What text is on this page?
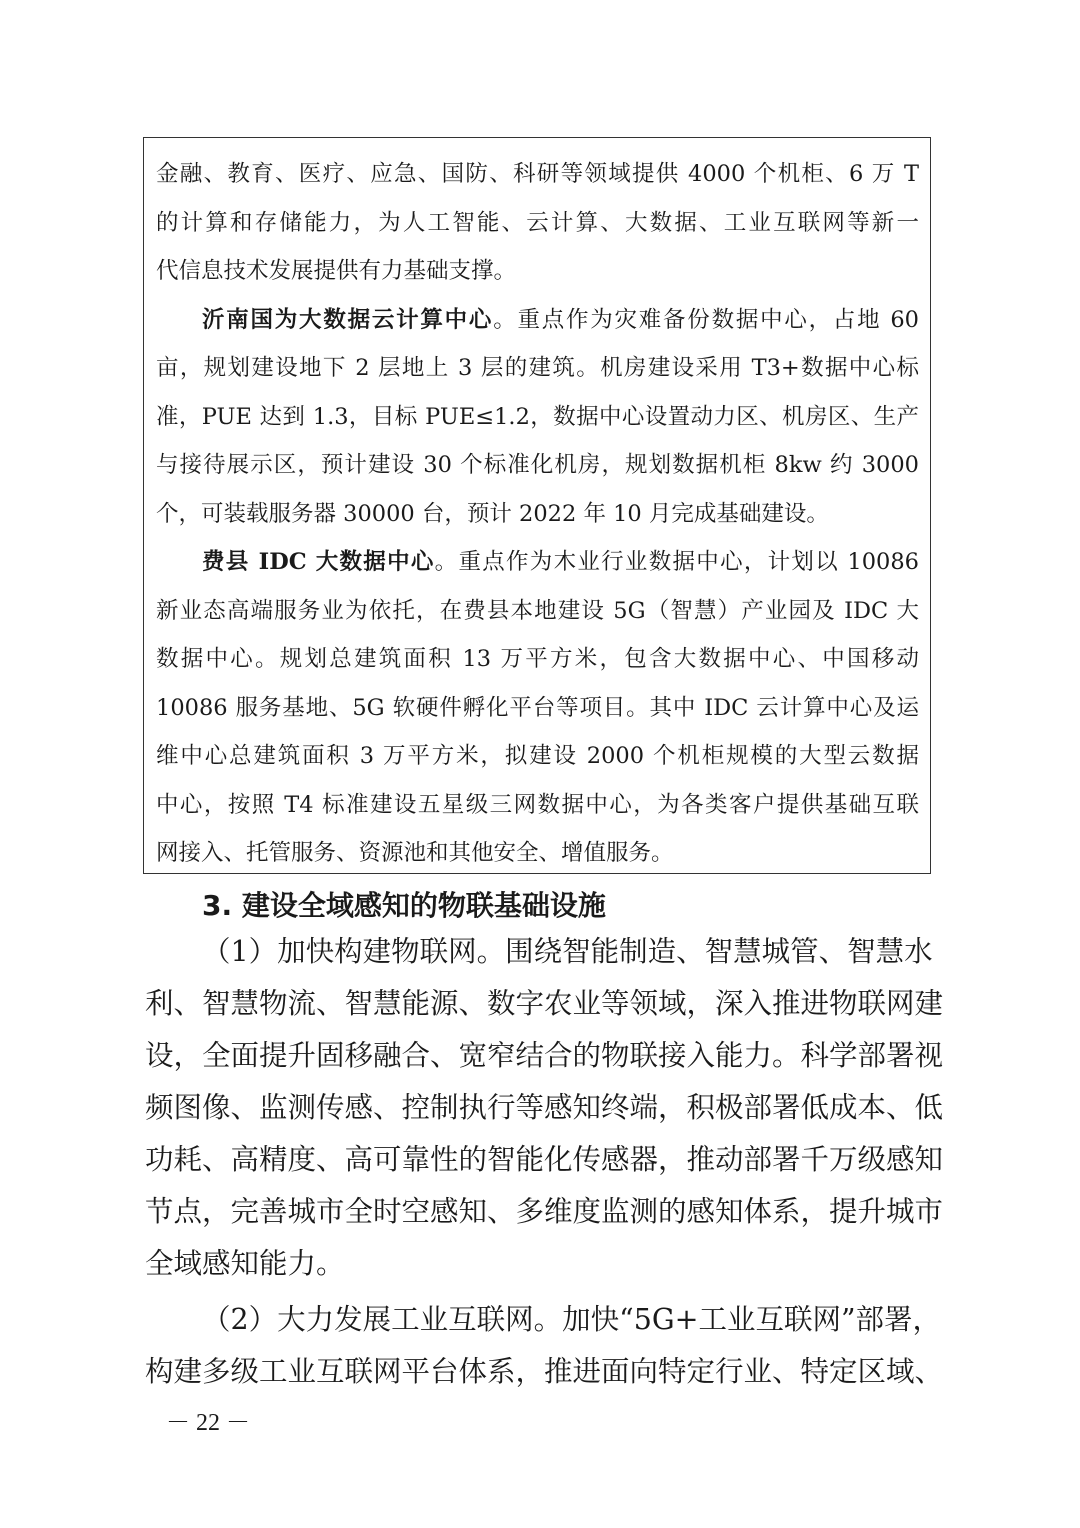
金融、教育、医疗、应急、国防、科研等领域提供 4000 个机柜、6 万 T
的计算和存储能力，为人工智能、云计算、大数据、工业互联网等新一
代信息技术发展提供有力基础支撑。
沂南国为大数据云计算中心。重点作为灾难备份数据中心，占地 60
亩，规划建设地下 2 层地上 3 层的建筑。机房建设采用 T3+数据中心标
准，PUE 达到 1.3，目标 PUE≤1.2，数据中心设置动力区、机房区、生产
与接待展示区，预计建设 30 个标准化机房，规划数据机柜 8kw 约 3000
个，可装载服务器 30000 台，预计 2022 年 10 月完成基础建设。
费县 IDC 大数据中心。重点作为木业行业数据中心，计划以 10086
新业态高端服务业为依托，在费县本地建设 5G（智慧）产业园及 IDC 大
数据中心。规划总建筑面积 13 万平方米，包含大数据中心、中国移动
10086 服务基地、5G 软硬件孵化平台等项目。其中 IDC 云计算中心及运
维中心总建筑面积 3 万平方米，拟建设 2000 个机柜规模的大型云数据
中心，按照 T4 标准建设五星级三网数据中心，为各类客户提供基础互联
网接入、托管服务、资源池和其他安全、增值服务。
3. 建设全域感知的物联基础设施
（1）加快构建物联网。围绕智能制造、智慧城管、智慧水
利、智慧物流、智慧能源、数字农业等领域，深入推进物联网建
设，全面提升固移融合、宽窄结合的物联接入能力。科学部署视
频图像、监测传感、控制执行等感知终端，积极部署低成本、低
功耗、高精度、高可靠性的智能化传感器，推动部署千万级感知
节点，完善城市全时空感知、多维度监测的感知体系，提升城市
全域感知能力。
（2）大力发展工业互联网。加快“5G+工业互联网”部署，
构建多级工业互联网平台体系，推进面向特定行业、特定区域、
－ 22 －
